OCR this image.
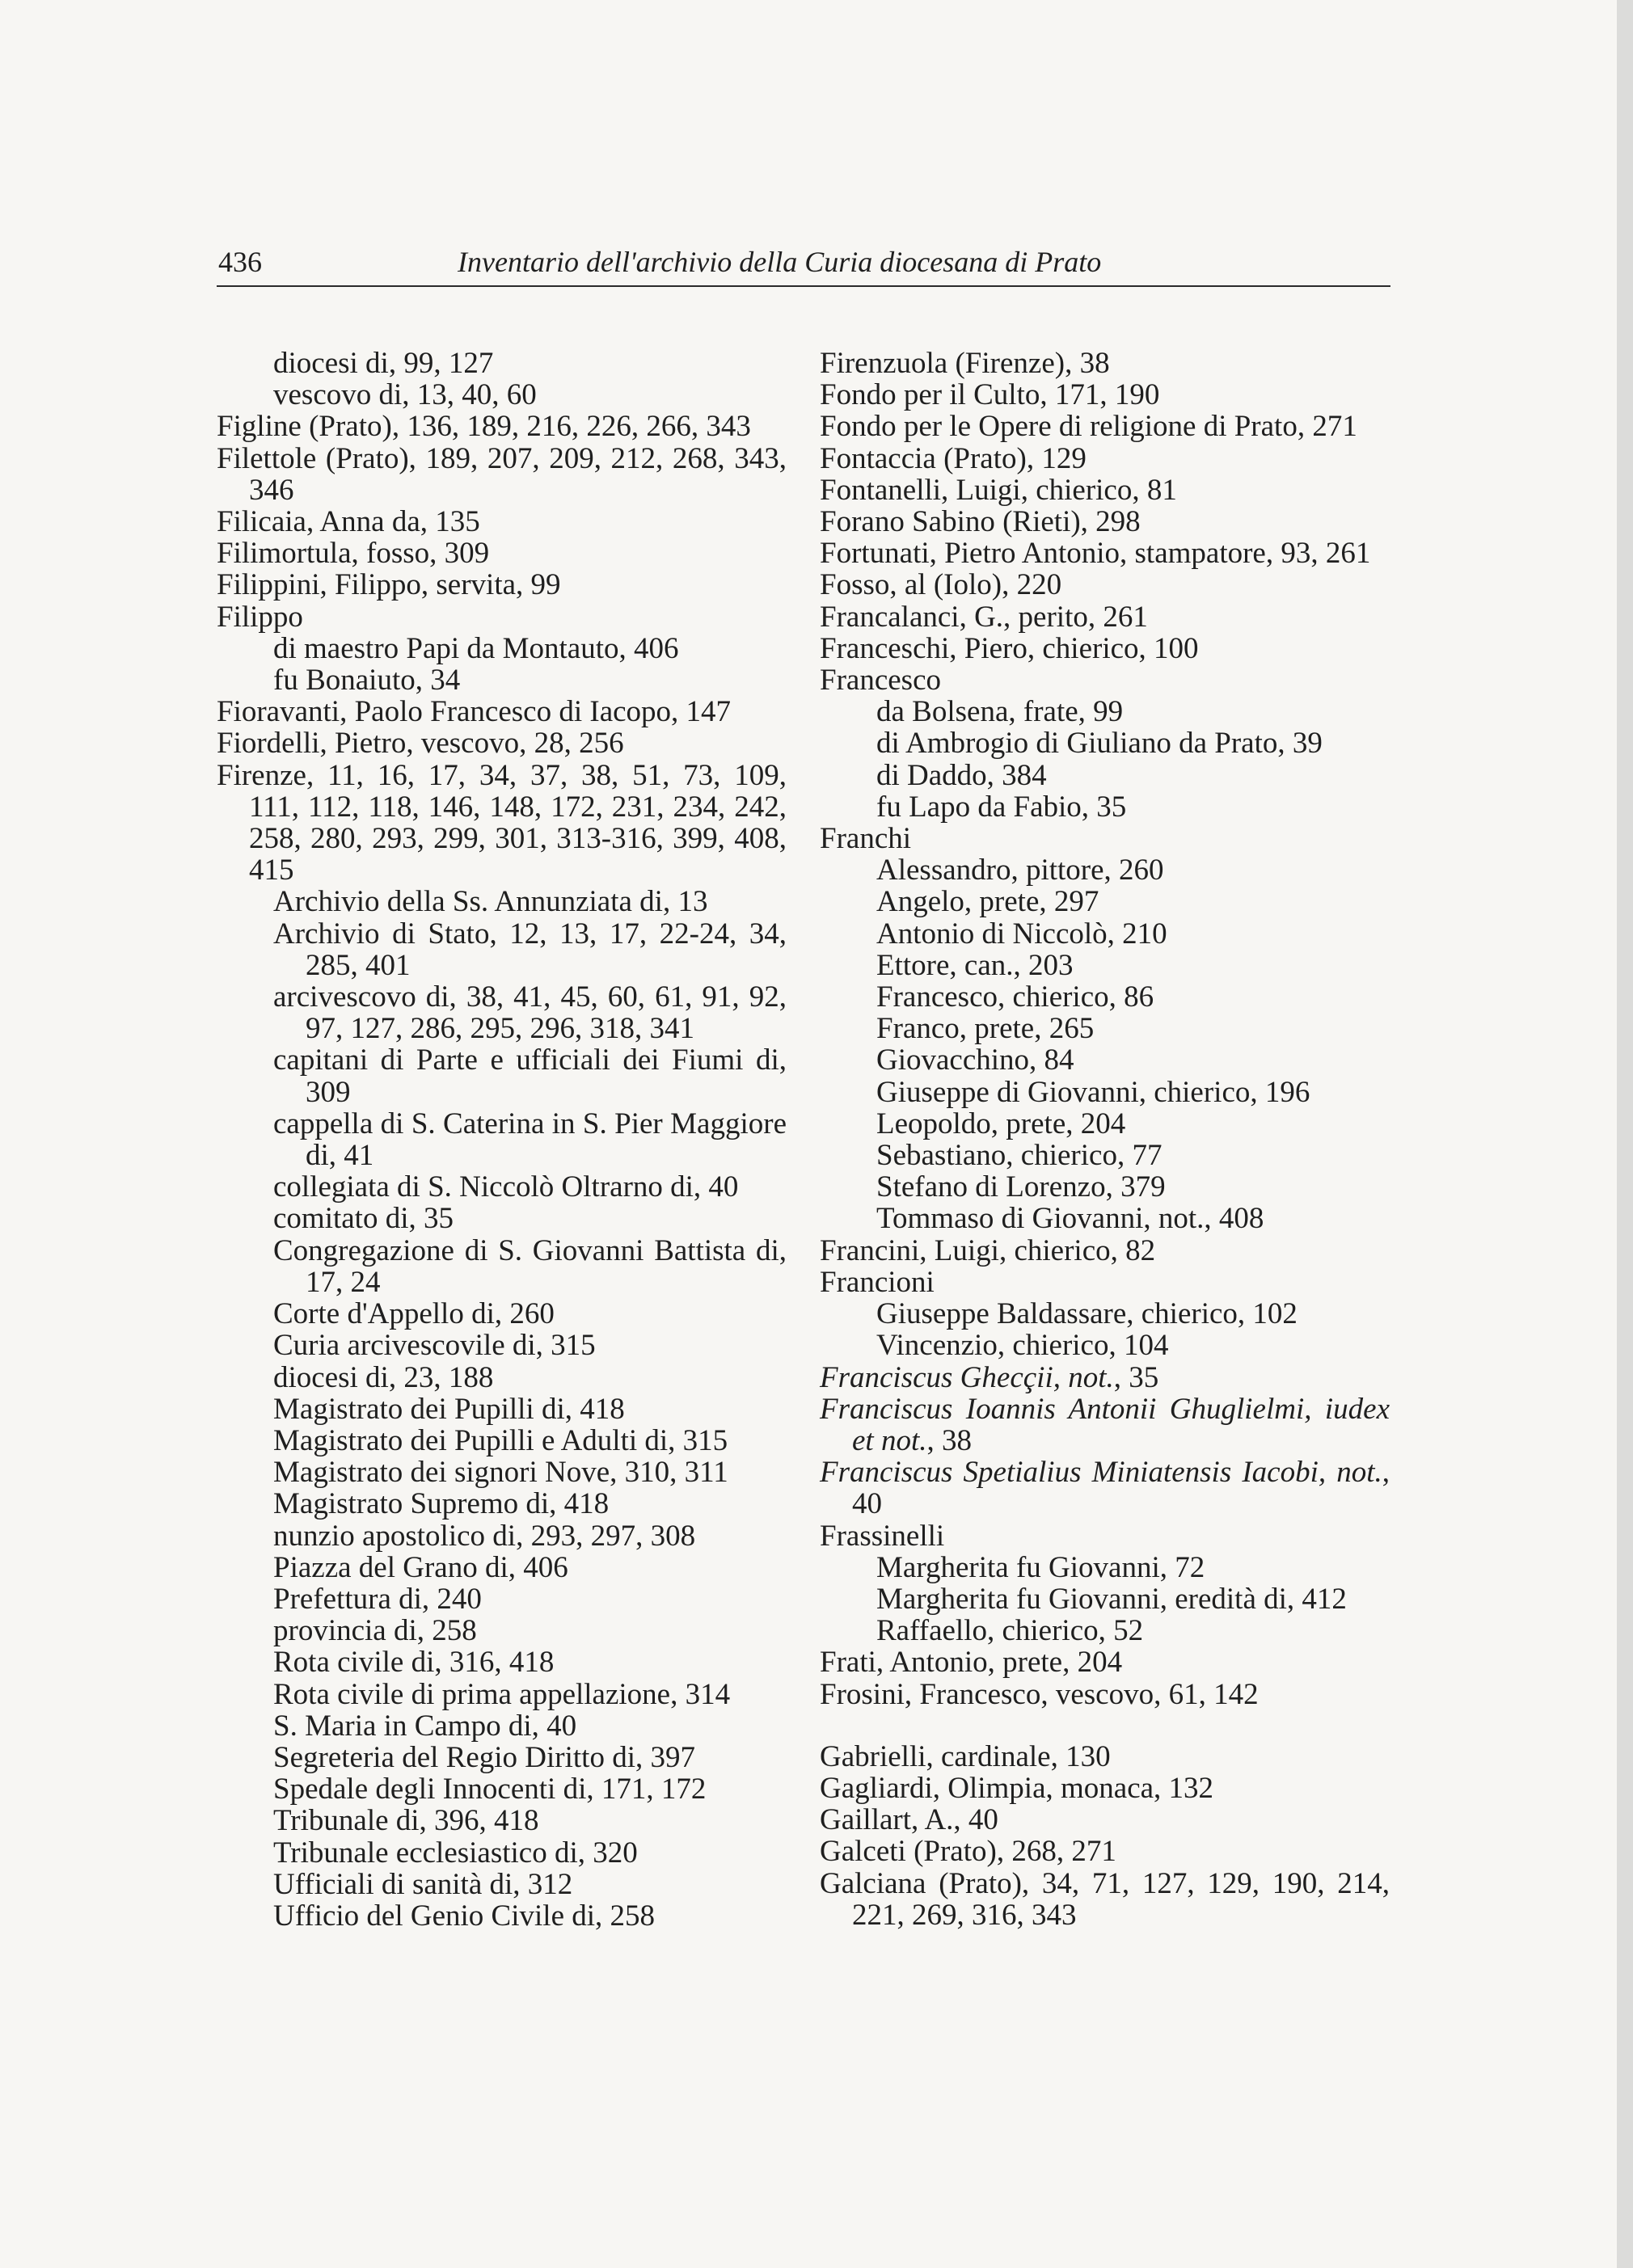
436	Inventario dell'archivio della Curia diocesana di Prato
diocesi di, 99, 127
vescovo di, 13, 40, 60
Figline (Prato), 136, 189, 216, 226, 266, 343
Filettole (Prato), 189, 207, 209, 212, 268, 343, 346
Filicaia, Anna da, 135
Filimortula, fosso, 309
Filippini, Filippo, servita, 99
Filippo
di maestro Papi da Montauto, 406
fu Bonaiuto, 34
Fioravanti, Paolo Francesco di Iacopo, 147
Fiordelli, Pietro, vescovo, 28, 256
Firenze, 11, 16, 17, 34, 37, 38, 51, 73, 109, 111, 112, 118, 146, 148, 172, 231, 234, 242, 258, 280, 293, 299, 301, 313-316, 399, 408, 415
Archivio della Ss. Annunziata di, 13
Archivio di Stato, 12, 13, 17, 22-24, 34, 285, 401
arcivescovo di, 38, 41, 45, 60, 61, 91, 92, 97, 127, 286, 295, 296, 318, 341
capitani di Parte e ufficiali dei Fiumi di, 309
cappella di S. Caterina in S. Pier Maggiore di, 41
collegiata di S. Niccolò Oltrarno di, 40
comitato di, 35
Congregazione di S. Giovanni Battista di, 17, 24
Corte d'Appello di, 260
Curia arcivescovile di, 315
diocesi di, 23, 188
Magistrato dei Pupilli di, 418
Magistrato dei Pupilli e Adulti di, 315
Magistrato dei signori Nove, 310, 311
Magistrato Supremo di, 418
nunzio apostolico di, 293, 297, 308
Piazza del Grano di, 406
Prefettura di, 240
provincia di, 258
Rota civile di, 316, 418
Rota civile di prima appellazione, 314
S. Maria in Campo di, 40
Segreteria del Regio Diritto di, 397
Spedale degli Innocenti di, 171, 172
Tribunale di, 396, 418
Tribunale ecclesiastico di, 320
Ufficiali di sanità di, 312
Ufficio del Genio Civile di, 258
Firenzuola (Firenze), 38
Fondo per il Culto, 171, 190
Fondo per le Opere di religione di Prato, 271
Fontaccia (Prato), 129
Fontanelli, Luigi, chierico, 81
Forano Sabino (Rieti), 298
Fortunati, Pietro Antonio, stampatore, 93, 261
Fosso, al (Iolo), 220
Francalanci, G., perito, 261
Franceschi, Piero, chierico, 100
Francesco
da Bolsena, frate, 99
di Ambrogio di Giuliano da Prato, 39
di Daddo, 384
fu Lapo da Fabio, 35
Franchi
Alessandro, pittore, 260
Angelo, prete, 297
Antonio di Niccolò, 210
Ettore, can., 203
Francesco, chierico, 86
Franco, prete, 265
Giovacchino, 84
Giuseppe di Giovanni, chierico, 196
Leopoldo, prete, 204
Sebastiano, chierico, 77
Stefano di Lorenzo, 379
Tommaso di Giovanni, not., 408
Francini, Luigi, chierico, 82
Francioni
Giuseppe Baldassare, chierico, 102
Vincenzio, chierico, 104
Franciscus Ghecçii, not., 35
Franciscus Ioannis Antonii Ghuglielmi, iudex et not., 38
Franciscus Spetialius Miniatensis Iacobi, not., 40
Frassinelli
Margherita fu Giovanni, 72
Margherita fu Giovanni, eredità di, 412
Raffaello, chierico, 52
Frati, Antonio, prete, 204
Frosini, Francesco, vescovo, 61, 142
Gabrielli, cardinale, 130
Gagliardi, Olimpia, monaca, 132
Gaillart, A., 40
Galceti (Prato), 268, 271
Galciana (Prato), 34, 71, 127, 129, 190, 214, 221, 269, 316, 343
